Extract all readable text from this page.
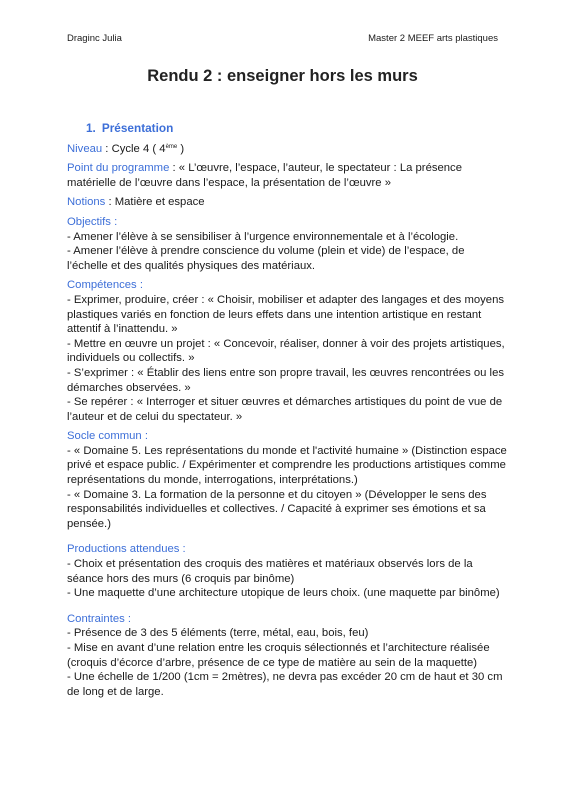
Draginc Julia	Master 2 MEEF arts plastiques
Rendu 2 : enseigner hors les murs
1. Présentation
Niveau : Cycle 4 ( 4ème )
Point du programme : « L’œuvre, l’espace, l’auteur, le spectateur : La présence matérielle de l’œuvre dans l’espace, la présentation de l’œuvre »
Notions : Matière et espace
Objectifs :
- Amener l’élève à se sensibiliser à l’urgence environnementale et à l’écologie.
- Amener l’élève à prendre conscience du volume (plein et vide) de l’espace, de l’échelle et des qualités physiques des matériaux.
Compétences :
- Exprimer, produire, créer : « Choisir, mobiliser et adapter des langages et des moyens plastiques variés en fonction de leurs effets dans une intention artistique en restant attentif à l’inattendu. »
- Mettre en œuvre un projet : « Concevoir, réaliser, donner à voir des projets artistiques, individuels ou collectifs. »
- S’exprimer : « Établir des liens entre son propre travail, les œuvres rencontrées ou les démarches observées. »
- Se repérer : « Interroger et situer œuvres et démarches artistiques du point de vue de l’auteur et de celui du spectateur. »
Socle commun :
- « Domaine 5. Les représentations du monde et l'activité humaine » (Distinction espace privé et espace public. / Expérimenter et comprendre les productions artistiques comme représentations du monde, interrogations, interprétations.)
- « Domaine 3. La formation de la personne et du citoyen » (Développer le sens des responsabilités individuelles et collectives. / Capacité à exprimer ses émotions et sa pensée.)
Productions attendues :
- Choix et présentation des croquis des matières et matériaux observés lors de la séance hors des murs (6 croquis par binôme)
- Une maquette d’une architecture utopique de leurs choix. (une maquette par binôme)
Contraintes :
- Présence de 3 des 5 éléments (terre, métal, eau, bois, feu)
- Mise en avant d’une relation entre les croquis sélectionnés et l’architecture réalisée (croquis d’écorce d’arbre, présence de ce type de matière au sein de la maquette)
- Une échelle de 1/200 (1cm = 2mètres), ne devra pas excéder 20 cm de haut et 30 cm de long et de large.
